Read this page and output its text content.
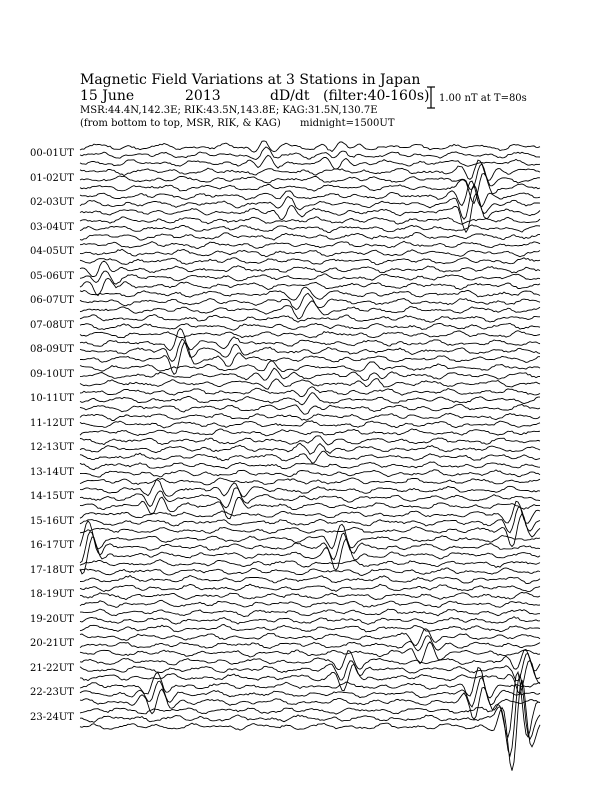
Magnetic Field Variations at 3 Stations in Japan
15 June	2013	dD/dt (filter:40-160s)
MSR:44.4N,142.3E; RIK:43.5N,143.8E; KAG:31.5N,130.7E
(from bottom to top, MSR, RIK, & KAG) midnight=1500UT
1.00 nT at T=80s
00-01UT
01-02UT
02-03UT
03-04UT
04-05UT
05-06UT
06-07UT
07-08UT
08-09UT
09-10UT
10-11UT
11-12UT
12-13UT
13-14UT
14-15UT
15-16UT
16-17UT
17-18UT
18-19UT
19-20UT
20-21UT
21-22UT
22-23UT
23-24UT
